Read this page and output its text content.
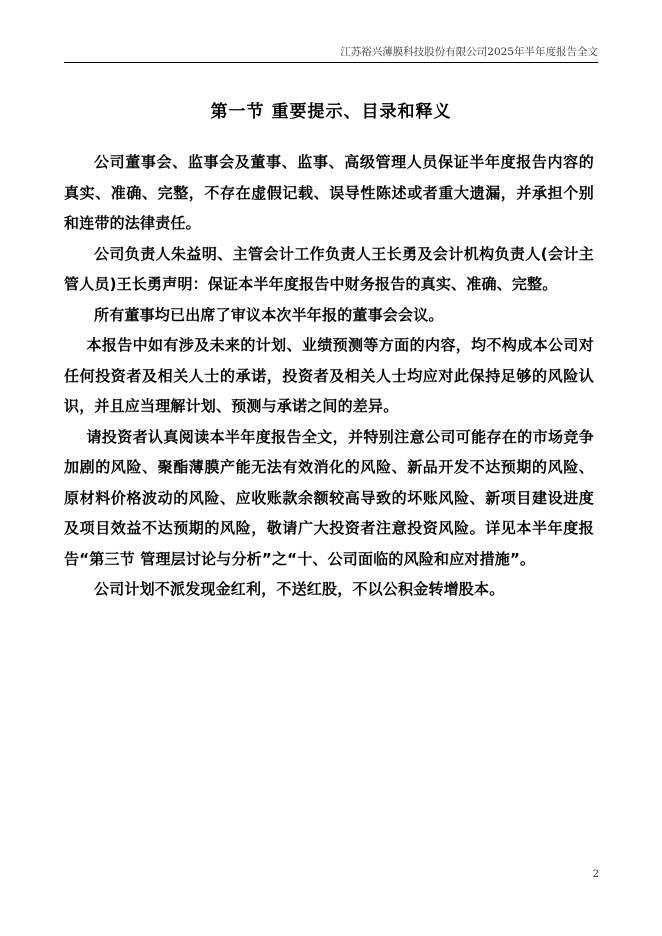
江苏裕兴薄膜科技股份有限公司2025年半年度报告全文
第一节 重要提示、目录和释义

公司董事会、监事会及董事、监事、高级管理人员保证半年度报告内容的真实、准确、完整，不存在虚假记载、误导性陈述或者重大遗漏，并承担个别和连带的法律责任。

公司负责人朱益明、主管会计工作负责人王长勇及会计机构负责人(会计主管人员)王长勇声明：保证本半年度报告中财务报告的真实、准确、完整。

所有董事均已出席了审议本次半年报的董事会会议。

本报告中如有涉及未来的计划、业绩预测等方面的内容，均不构成本公司对任何投资者及相关人士的承诺，投资者及相关人士均应对此保持足够的风险认识，并且应当理解计划、预测与承诺之间的差异。

请投资者认真阅读本半年度报告全文，并特别注意公司可能存在的市场竞争加剧的风险、聚酯薄膜产能无法有效消化的风险、新品开发不达预期的风险、原材料价格波动的风险、应收账款余额较高导致的坏账风险、新项目建设进度及项目效益不达预期的风险，敬请广大投资者注意投资风险。详见本半年度报告“第三节 管理层讨论与分析”之“十、公司面临的风险和应对措施”。

公司计划不派发现金红利，不送红股，不以公积金转增股本。

2
